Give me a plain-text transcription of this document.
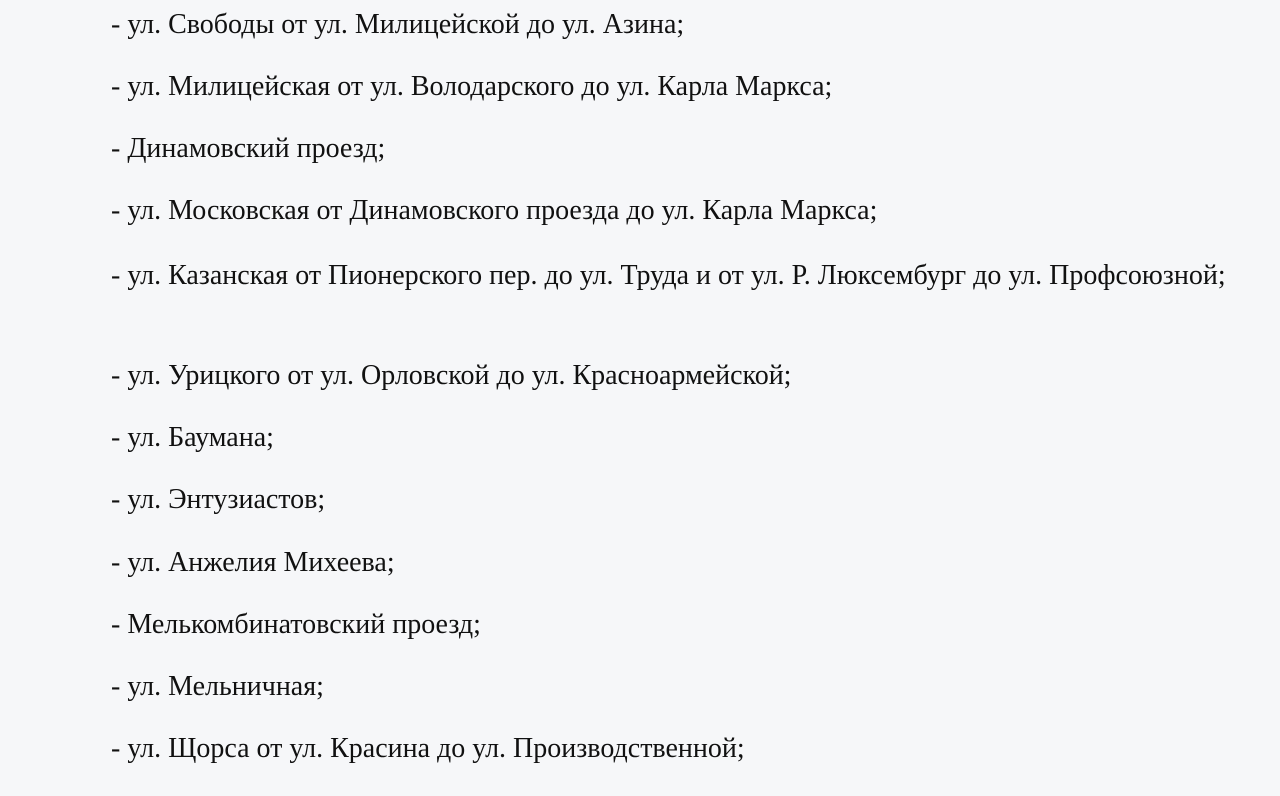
- ул. Свободы от ул. Милицейской до ул. Азина;

- ул. Милицейская от ул. Володарского до ул. Карла Маркса;

- Динамовский проезд;

- ул. Московская от Динамовского проезда до ул. Карла Маркса;

- ул. Казанская от Пионерского пер. до ул. Труда и от ул. Р. Люксембург до ул. Профсоюзной;

- ул. Урицкого от ул. Орловской до ул. Красноармейской;

- ул. Баумана;

- ул. Энтузиастов;

- ул. Анжелия Михеева;

- Мелькомбинатовский проезд;

- ул. Мельничная;

- ул. Щорса от ул. Красина до ул. Производственной;
